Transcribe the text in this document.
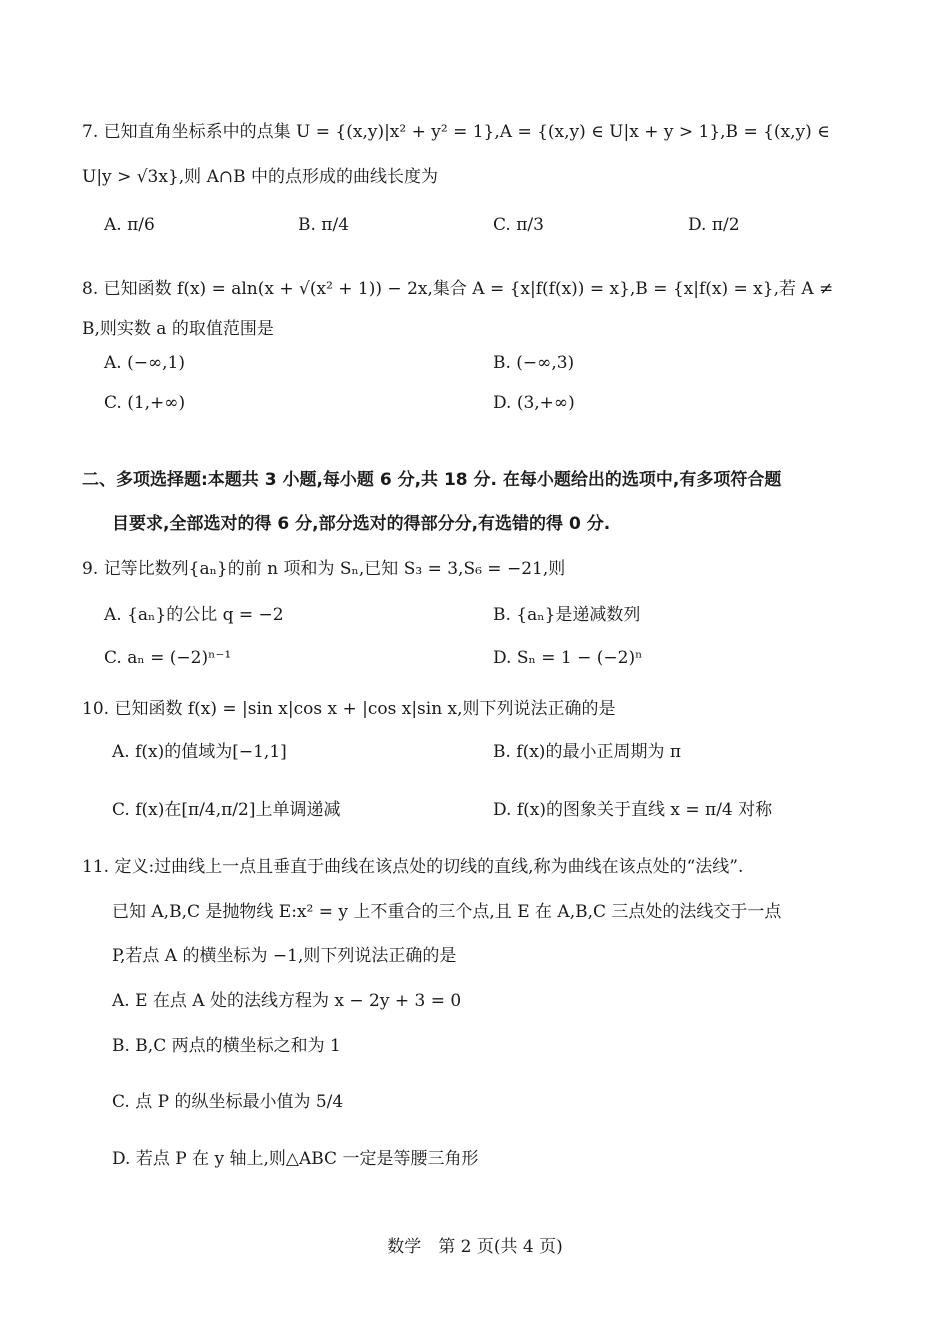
7. 已知直角坐标系中的点集 U = {(x,y)|x² + y² = 1},A = {(x,y) ∈ U|x + y > 1},B = {(x,y) ∈
U|y > √3x},则 A∩B 中的点形成的曲线长度为
A. π/6	B. π/4	C. π/3	D. π/2
8. 已知函数 f(x) = aln(x + √(x² + 1)) − 2x,集合 A = {x|f(f(x)) = x},B = {x|f(x) = x},若 A ≠
B,则实数 a 的取值范围是
A. (−∞,1)	B. (−∞,3)
C. (1,+∞)	D. (3,+∞)
二、多项选择题:本题共 3 小题,每小题 6 分,共 18 分. 在每小题给出的选项中,有多项符合题
目要求,全部选对的得 6 分,部分选对的得部分分,有选错的得 0 分.
9. 记等比数列{aₙ}的前 n 项和为 Sₙ,已知 S₃ = 3,S₆ = −21,则
A. {aₙ}的公比 q = −2	B. {aₙ}是递减数列
C. aₙ = (−2)ⁿ⁻¹	D. Sₙ = 1 − (−2)ⁿ
10. 已知函数 f(x) = |sin x|cos x + |cos x|sin x,则下列说法正确的是
A. f(x)的值域为[−1,1]	B. f(x)的最小正周期为 π
C. f(x)在[π/4,π/2]上单调递减	D. f(x)的图象关于直线 x = π/4 对称
11. 定义:过曲线上一点且垂直于曲线在该点处的切线的直线,称为曲线在该点处的“法线”.
已知 A,B,C 是抛物线 E:x² = y 上不重合的三个点,且 E 在 A,B,C 三点处的法线交于一点
P,若点 A 的横坐标为 −1,则下列说法正确的是
A. E 在点 A 处的法线方程为 x − 2y + 3 = 0
B. B,C 两点的横坐标之和为 1
C. 点 P 的纵坐标最小值为 5/4
D. 若点 P 在 y 轴上,则△ABC 一定是等腰三角形
数学　第 2 页(共 4 页)
